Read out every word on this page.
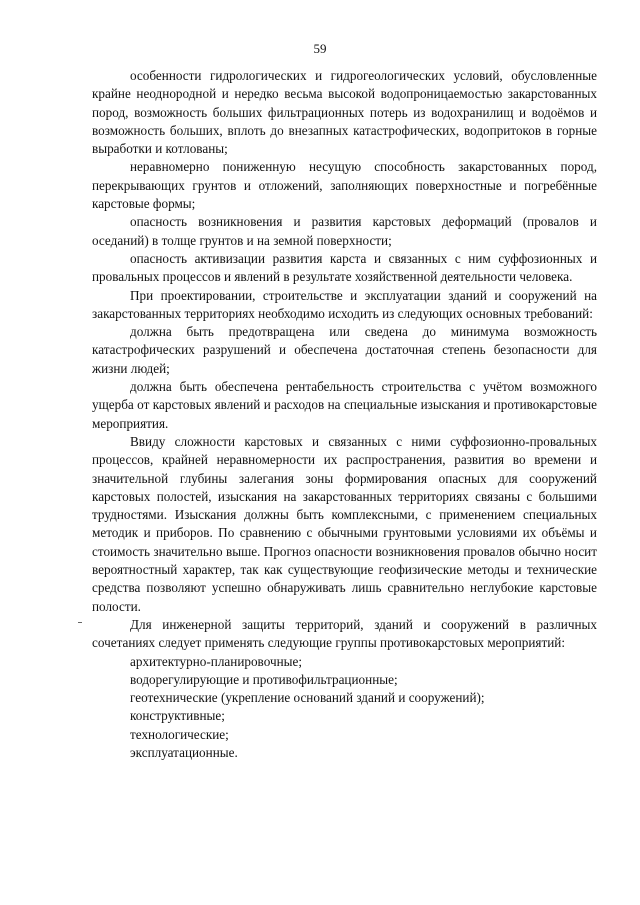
59

особенности гидрологических и гидрогеологических условий, обусловленные крайне неоднородной и нередко весьма высокой водопроницаемостью закарстованных пород, возможность больших фильтрационных потерь из водохранилищ и водоёмов и возможность больших, вплоть до внезапных катастрофических, водопритоков в горные выработки и котлованы;

неравномерно пониженную несущую способность закарстованных пород, перекрывающих грунтов и отложений, заполняющих поверхностные и погребённые карстовые формы;

опасность возникновения и развития карстовых деформаций (провалов и оседаний) в толще грунтов и на земной поверхности;

опасность активизации развития карста и связанных с ним суффозионных и провальных процессов и явлений в результате хозяйственной деятельности человека.

При проектировании, строительстве и эксплуатации зданий и сооружений на закарстованных территориях необходимо исходить из следующих основных требований:

должна быть предотвращена или сведена до минимума возможность катастрофических разрушений и обеспечена достаточная степень безопасности для жизни людей;

должна быть обеспечена рентабельность строительства с учётом возможного ущерба от карстовых явлений и расходов на специальные изыскания и противокарстовые мероприятия.

Ввиду сложности карстовых и связанных с ними суффозионно-провальных процессов, крайней неравномерности их распространения, развития во времени и значительной глубины залегания зоны формирования опасных для сооружений карстовых полостей, изыскания на закарстованных территориях связаны с большими трудностями. Изыскания должны быть комплексными, с применением специальных методик и приборов. По сравнению с обычными грунтовыми условиями их объёмы и стоимость значительно выше. Прогноз опасности возникновения провалов обычно носит вероятностный характер, так как существующие геофизические методы и технические средства позволяют успешно обнаруживать лишь сравнительно неглубокие карстовые полости.

Для инженерной защиты территорий, зданий и сооружений в различных сочетаниях следует применять следующие группы противокарстовых мероприятий:

архитектурно-планировочные;

водорегулирующие и противофильтрационные;

геотехнические (укрепление оснований зданий и сооружений);

конструктивные;

технологические;

эксплуатационные.
